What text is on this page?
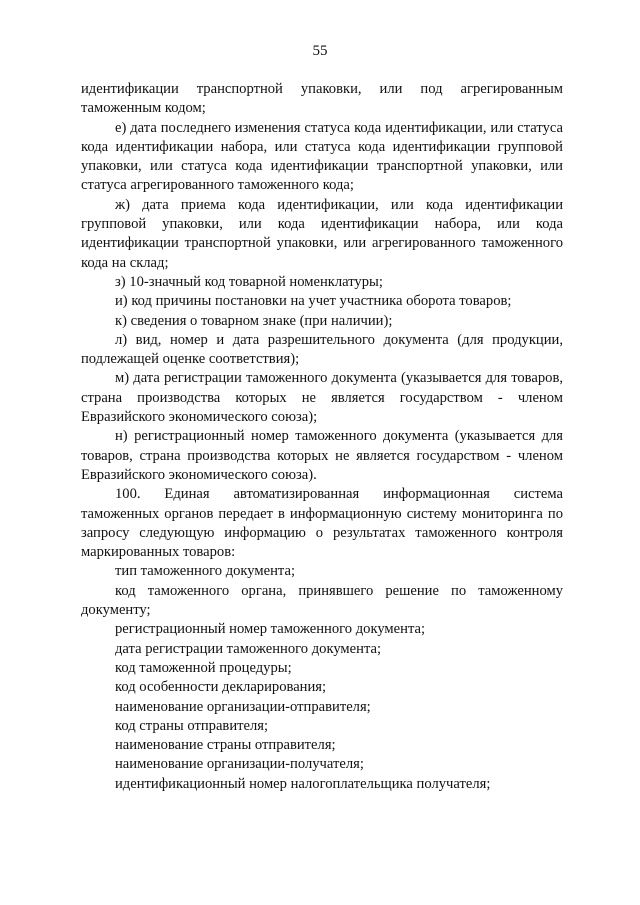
55

идентификации транспортной упаковки, или под агрегированным таможенным кодом;

е) дата последнего изменения статуса кода идентификации, или статуса кода идентификации набора, или статуса кода идентификации групповой упаковки, или статуса кода идентификации транспортной упаковки, или статуса агрегированного таможенного кода;

ж) дата приема кода идентификации, или кода идентификации групповой упаковки, или кода идентификации набора, или кода идентификации транспортной упаковки, или агрегированного таможенного кода на склад;

з) 10-значный код товарной номенклатуры;

и) код причины постановки на учет участника оборота товаров;

к) сведения о товарном знаке (при наличии);

л) вид, номер и дата разрешительного документа (для продукции, подлежащей оценке соответствия);

м) дата регистрации таможенного документа (указывается для товаров, страна производства которых не является государством - членом Евразийского экономического союза);

н) регистрационный номер таможенного документа (указывается для товаров, страна производства которых не является государством - членом Евразийского экономического союза).

100. Единая автоматизированная информационная система таможенных органов передает в информационную систему мониторинга по запросу следующую информацию о результатах таможенного контроля маркированных товаров:

тип таможенного документа;

код таможенного органа, принявшего решение по таможенному документу;

регистрационный номер таможенного документа;

дата регистрации таможенного документа;

код таможенной процедуры;

код особенности декларирования;

наименование организации-отправителя;

код страны отправителя;

наименование страны отправителя;

наименование организации-получателя;

идентификационный номер налогоплательщика получателя;
